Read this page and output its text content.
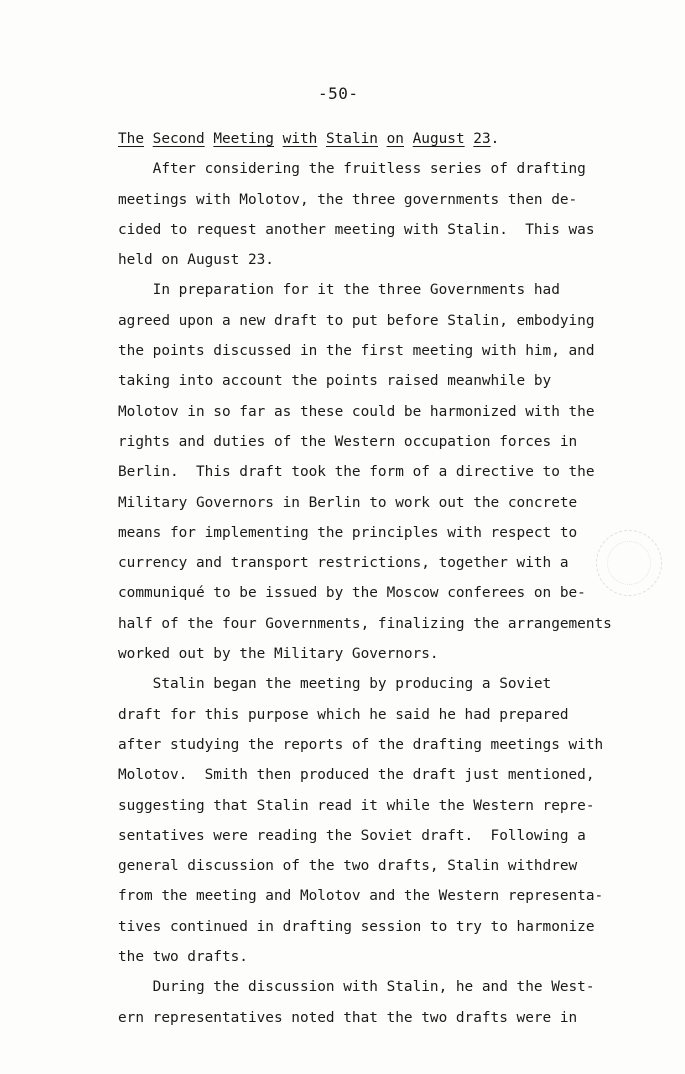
-50-
The Second Meeting with Stalin on August 23.
After considering the fruitless series of drafting
meetings with Molotov, the three governments then de-
cided to request another meeting with Stalin.  This was
held on August 23.
In preparation for it the three Governments had
agreed upon a new draft to put before Stalin, embodying
the points discussed in the first meeting with him, and
taking into account the points raised meanwhile by
Molotov in so far as these could be harmonized with the
rights and duties of the Western occupation forces in
Berlin.  This draft took the form of a directive to the
Military Governors in Berlin to work out the concrete
means for implementing the principles with respect to
currency and transport restrictions, together with a
communiqué to be issued by the Moscow conferees on be-
half of the four Governments, finalizing the arrangements
worked out by the Military Governors.
Stalin began the meeting by producing a Soviet
draft for this purpose which he said he had prepared
after studying the reports of the drafting meetings with
Molotov.  Smith then produced the draft just mentioned,
suggesting that Stalin read it while the Western repre-
sentatives were reading the Soviet draft.  Following a
general discussion of the two drafts, Stalin withdrew
from the meeting and Molotov and the Western representa-
tives continued in drafting session to try to harmonize
the two drafts.
During the discussion with Stalin, he and the West-
ern representatives noted that the two drafts were in
